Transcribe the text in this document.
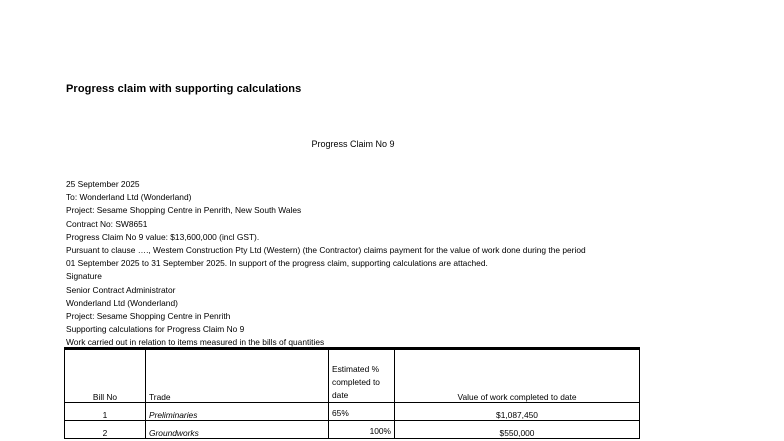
Progress claim with supporting calculations
Progress Claim No 9
25 September 2025
To: Wonderland Ltd (Wonderland)
Project: Sesame Shopping Centre in Penrith, New South Wales
Contract No: SW8651
Progress Claim No 9 value: $13,600,000 (incl GST).
Pursuant to clause …., Westem Construction Pty Ltd (Western) (the Contractor) claims payment for the value of work done during the period
01 September 2025 to 31 September 2025. In support of the progress claim, supporting calculations are attached.
Signature
Senior Contract Administrator
Wonderland Ltd (Wonderland)
Project: Sesame Shopping Centre in Penrith
Supporting calculations for Progress Claim No 9
Work carried out in relation to items measured in the bills of quantities
Bill No	Trade	Estimated % completed to date	Value of work completed to date
1	Preliminaries	65%	$1,087,450
2	Groundworks	100%	$550,000
